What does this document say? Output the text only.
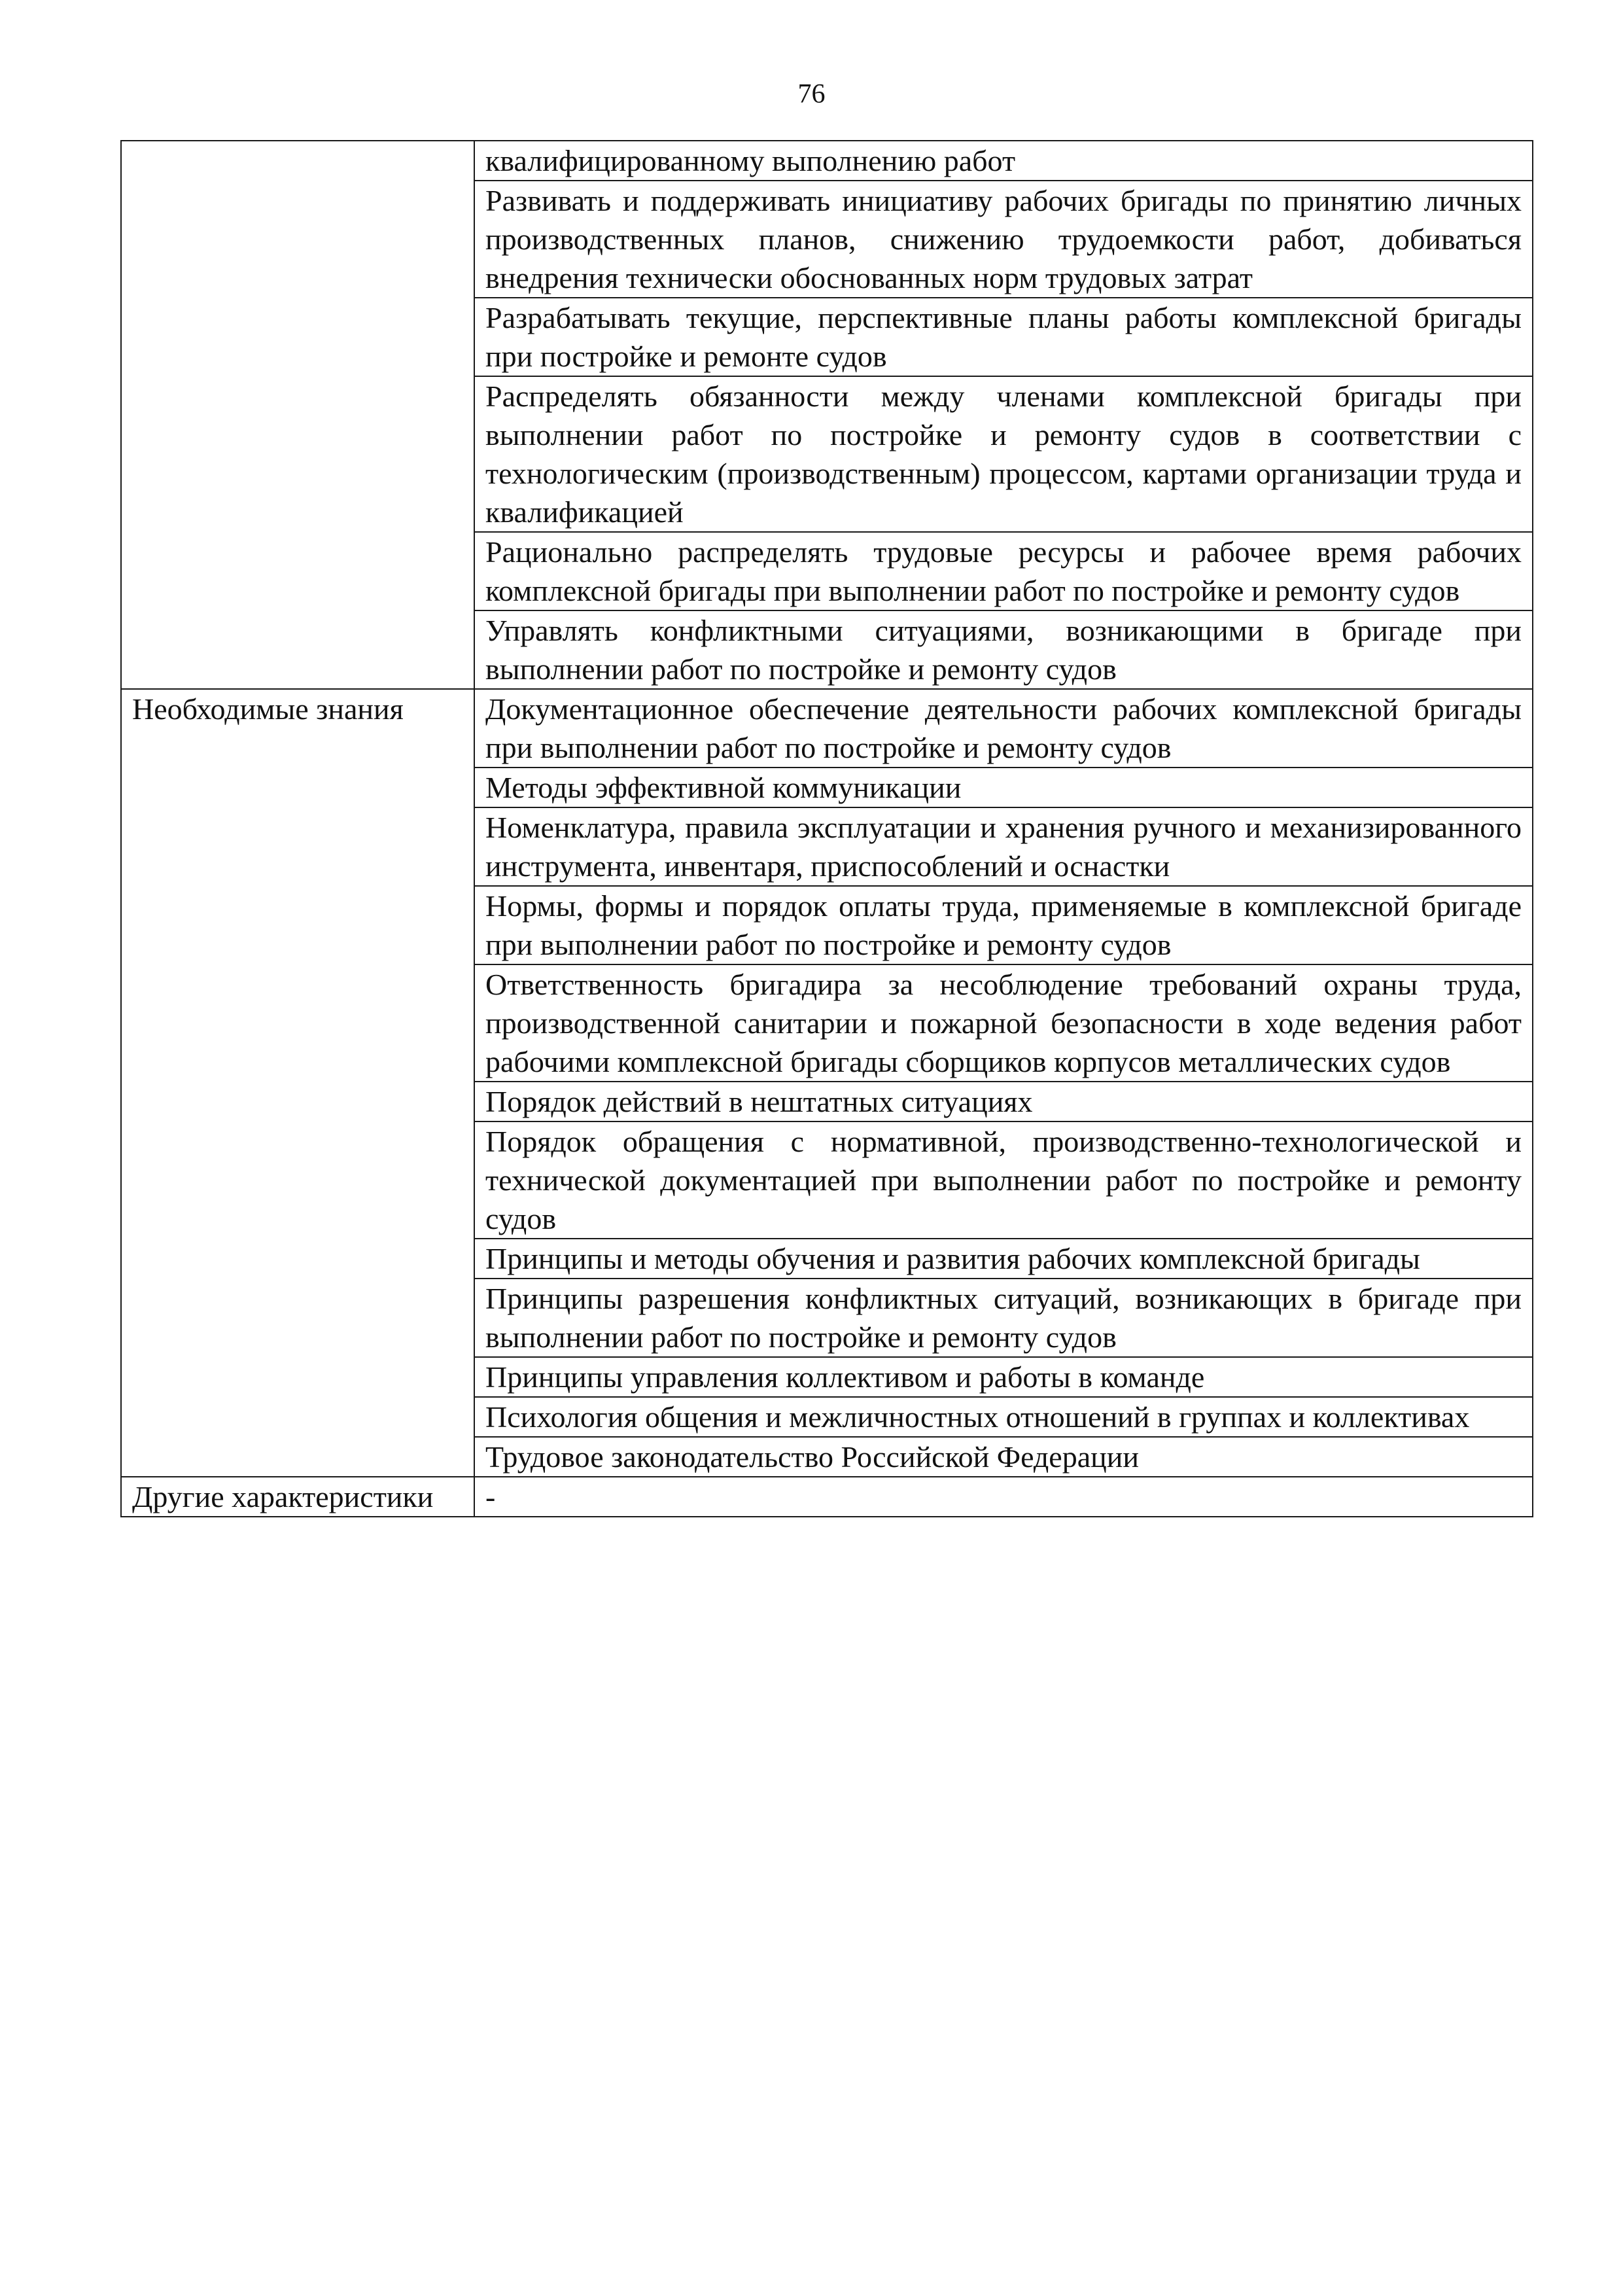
76
	квалифицированному выполнению работ
	Развивать и поддерживать инициативу рабочих бригады по принятию личных производственных планов, снижению трудоемкости работ, добиваться внедрения технически обоснованных норм трудовых затрат
	Разрабатывать текущие, перспективные планы работы комплексной бригады при постройке и ремонте судов
	Распределять обязанности между членами комплексной бригады при выполнении работ по постройке и ремонту судов в соответствии с технологическим (производственным) процессом, картами организации труда и квалификацией
	Рационально распределять трудовые ресурсы и рабочее время рабочих комплексной бригады при выполнении работ по постройке и ремонту судов
	Управлять конфликтными ситуациями, возникающими в бригаде при выполнении работ по постройке и ремонту судов
Необходимые знания	Документационное обеспечение деятельности рабочих комплексной бригады при выполнении работ по постройке и ремонту судов
	Методы эффективной коммуникации
	Номенклатура, правила эксплуатации и хранения ручного и механизированного инструмента, инвентаря, приспособлений и оснастки
	Нормы, формы и порядок оплаты труда, применяемые в комплексной бригаде при выполнении работ по постройке и ремонту судов
	Ответственность бригадира за несоблюдение требований охраны труда, производственной санитарии и пожарной безопасности в ходе ведения работ рабочими комплексной бригады сборщиков корпусов металлических судов
	Порядок действий в нештатных ситуациях
	Порядок обращения с нормативной, производственно-технологической и технической документацией при выполнении работ по постройке и ремонту судов
	Принципы и методы обучения и развития рабочих комплексной бригады
	Принципы разрешения конфликтных ситуаций, возникающих в бригаде при выполнении работ по постройке и ремонту судов
	Принципы управления коллективом и работы в команде
	Психология общения и межличностных отношений в группах и коллективах
	Трудовое законодательство Российской Федерации
Другие характеристики	-
